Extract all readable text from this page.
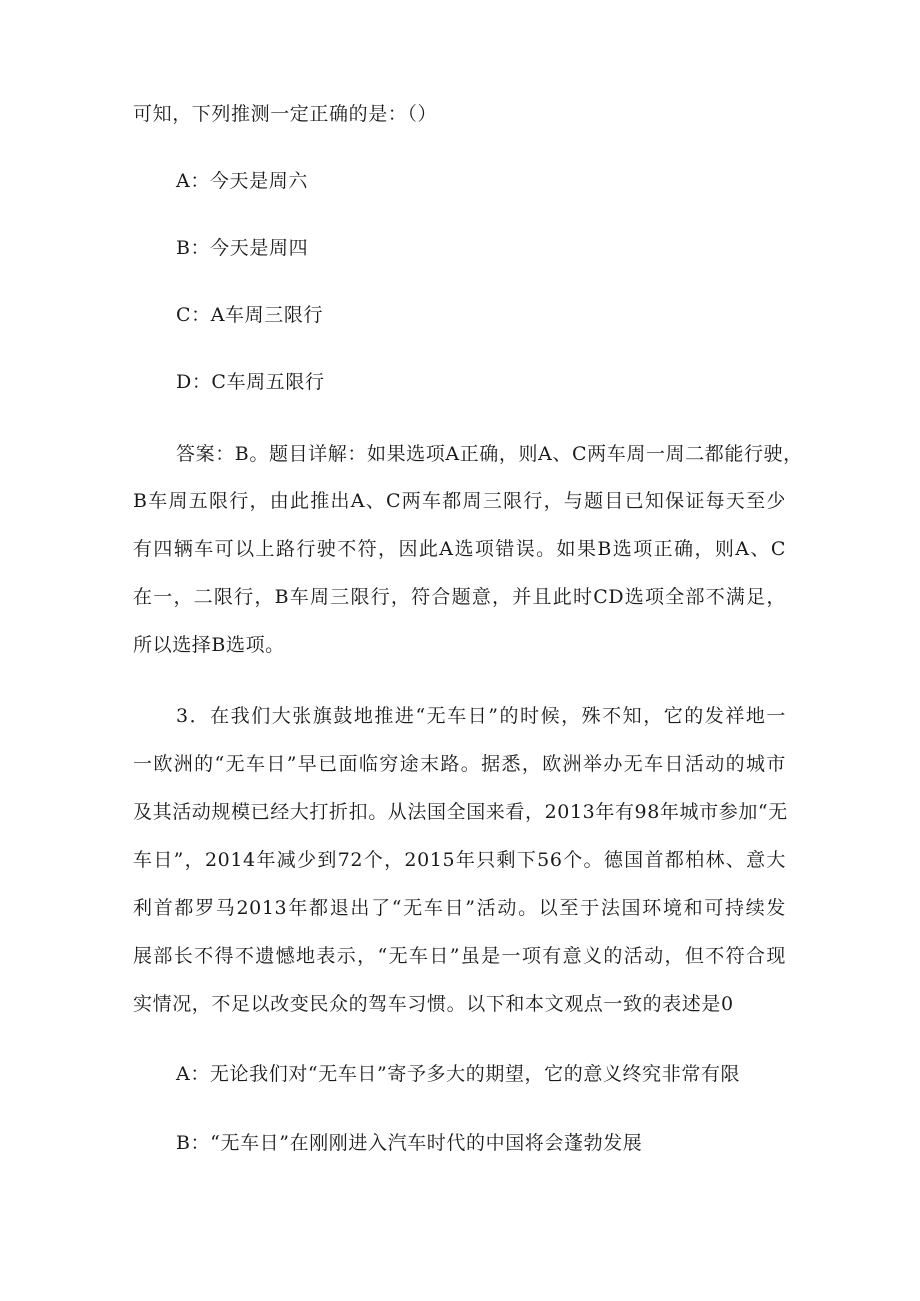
可知，下列推测一定正确的是：（）
A：今天是周六
B：今天是周四
C：A车周三限行
D：C车周五限行
答案：B。题目详解：如果选项A正确，则A、C两车周一周二都能行驶，
B车周五限行，由此推出A、C两车都周三限行，与题目已知保证每天至少
有四辆车可以上路行驶不符，因此A选项错误。如果B选项正确，则A、C
在一，二限行，B车周三限行，符合题意，并且此时CD选项全部不满足，
所以选择B选项。
3．在我们大张旗鼓地推进“无车日”的时候，殊不知，它的发祥地一
一欧洲的“无车日”早已面临穷途末路。据悉，欧洲举办无车日活动的城市
及其活动规模已经大打折扣。从法国全国来看，2013年有98年城市参加“无
车日”，2014年减少到72个，2015年只剩下56个。德国首都柏林、意大
利首都罗马2013年都退出了“无车日”活动。以至于法国环境和可持续发
展部长不得不遗憾地表示，“无车日”虽是一项有意义的活动，但不符合现
实情况，不足以改变民众的驾车习惯。以下和本文观点一致的表述是0
A：无论我们对“无车日”寄予多大的期望，它的意义终究非常有限
B：“无车日”在刚刚进入汽车时代的中国将会蓬勃发展
